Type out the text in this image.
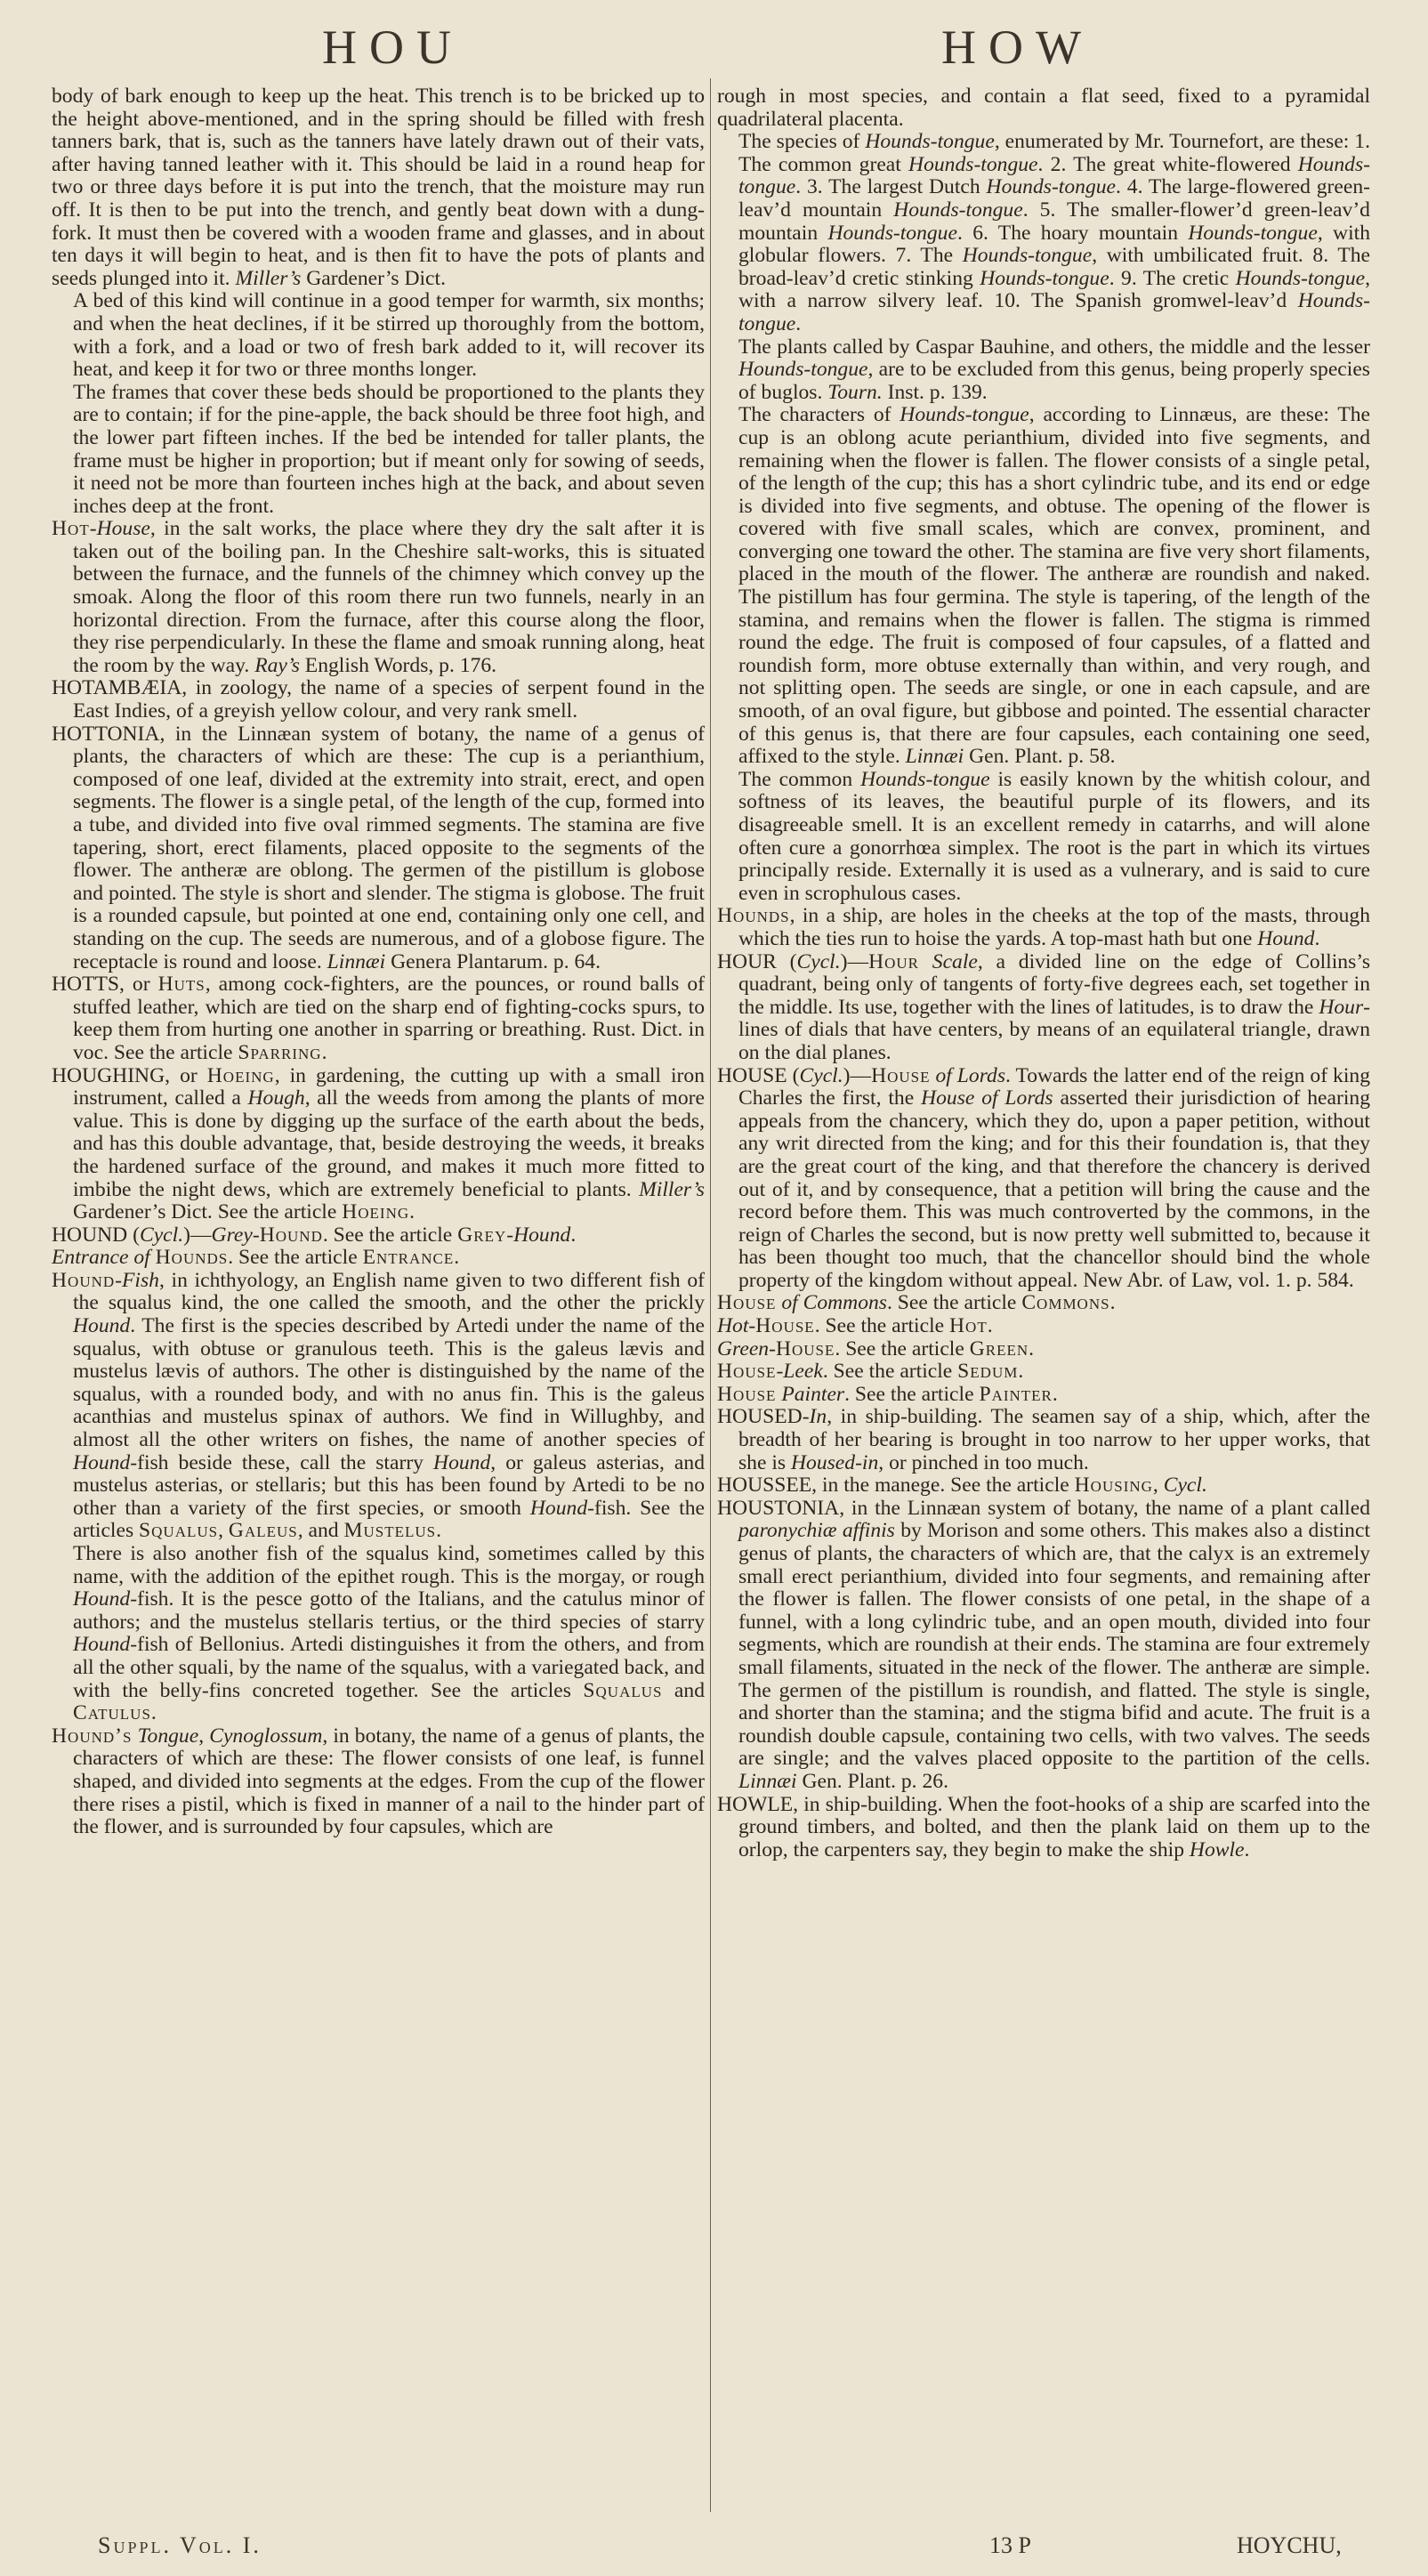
HOU	HOW

body of bark enough to keep up the heat. This trench is to be bricked up to the height above-mentioned, and in the spring should be filled with fresh tanners bark, that is, such as the tanners have lately drawn out of their vats, after having tanned leather with it. This should be laid in a round heap for two or three days before it is put into the trench, that the moisture may run off. It is then to be put into the trench, and gently beat down with a dung-fork. It must then be covered with a wooden frame and glasses, and in about ten days it will begin to heat, and is then fit to have the pots of plants and seeds plunged into it. Miller’s Gardener’s Dict.

A bed of this kind will continue in a good temper for warmth, six months; and when the heat declines, if it be stirred up thoroughly from the bottom, with a fork, and a load or two of fresh bark added to it, will recover its heat, and keep it for two or three months longer.

The frames that cover these beds should be proportioned to the plants they are to contain; if for the pine-apple, the back should be three foot high, and the lower part fifteen inches. If the bed be intended for taller plants, the frame must be higher in proportion; but if meant only for sowing of seeds, it need not be more than fourteen inches high at the back, and about seven inches deep at the front.

Hot-House, in the salt works, the place where they dry the salt after it is taken out of the boiling pan. In the Cheshire salt-works, this is situated between the furnace, and the funnels of the chimney which convey up the smoak. Along the floor of this room there run two funnels, nearly in an horizontal direction. From the furnace, after this course along the floor, they rise perpendicularly. In these the flame and smoak running along, heat the room by the way. Ray’s English Words, p. 176.

HOTAMBÆIA, in zoology, the name of a species of serpent found in the East Indies, of a greyish yellow colour, and very rank smell.

HOTTONIA, in the Linnæan system of botany, the name of a genus of plants, the characters of which are these: The cup is a perianthium, composed of one leaf, divided at the extremity into strait, erect, and open segments. The flower is a single petal, of the length of the cup, formed into a tube, and divided into five oval rimmed segments. The stamina are five tapering, short, erect filaments, placed opposite to the segments of the flower. The antheræ are oblong. The germen of the pistillum is globose and pointed. The style is short and slender. The stigma is globose. The fruit is a rounded capsule, but pointed at one end, containing only one cell, and standing on the cup. The seeds are numerous, and of a globose figure. The receptacle is round and loose. Linnæi Genera Plantarum. p. 64.

HOTTS, or Huts, among cock-fighters, are the pounces, or round balls of stuffed leather, which are tied on the sharp end of fighting-cocks spurs, to keep them from hurting one another in sparring or breathing. Rust. Dict. in voc. See the article Sparring.

HOUGHING, or Hoeing, in gardening, the cutting up with a small iron instrument, called a Hough, all the weeds from among the plants of more value. This is done by digging up the surface of the earth about the beds, and has this double advantage, that, beside destroying the weeds, it breaks the hardened surface of the ground, and makes it much more fitted to imbibe the night dews, which are extremely beneficial to plants. Miller’s Gardener’s Dict. See the article Hoeing.

HOUND (Cycl.)—Grey-Hound. See the article Grey-Hound.

Entrance of Hounds. See the article Entrance.

Hound-Fish, in ichthyology, an English name given to two different fish of the squalus kind, the one called the smooth, and the other the prickly Hound. The first is the species described by Artedi under the name of the squalus, with obtuse or granulous teeth. This is the galeus lævis and mustelus lævis of authors. The other is distinguished by the name of the squalus, with a rounded body, and with no anus fin. This is the galeus acanthias and mustelus spinax of authors. We find in Willughby, and almost all the other writers on fishes, the name of another species of Hound-fish beside these, call the starry Hound, or galeus asterias, and mustelus asterias, or stellaris; but this has been found by Artedi to be no other than a variety of the first species, or smooth Hound-fish. See the articles Squalus, Galeus, and Mustelus.

There is also another fish of the squalus kind, sometimes called by this name, with the addition of the epithet rough. This is the morgay, or rough Hound-fish. It is the pesce gotto of the Italians, and the catulus minor of authors; and the mustelus stellaris tertius, or the third species of starry Hound-fish of Bellonius. Artedi distinguishes it from the others, and from all the other squali, by the name of the squalus, with a variegated back, and with the belly-fins concreted together. See the articles Squalus and Catulus.

Hound’s Tongue, Cynoglossum, in botany, the name of a genus of plants, the characters of which are these: The flower consists of one leaf, is funnel shaped, and divided into segments at the edges. From the cup of the flower there rises a pistil, which is fixed in manner of a nail to the hinder part of the flower, and is surrounded by four capsules, which are

rough in most species, and contain a flat seed, fixed to a pyramidal quadrilateral placenta.

The species of Hounds-tongue, enumerated by Mr. Tournefort, are these: 1. The common great Hounds-tongue. 2. The great white-flowered Hounds-tongue. 3. The largest Dutch Hounds-tongue. 4. The large-flowered green-leav’d mountain Hounds-tongue. 5. The smaller-flower’d green-leav’d mountain Hounds-tongue. 6. The hoary mountain Hounds-tongue, with globular flowers. 7. The Hounds-tongue, with umbilicated fruit. 8. The broad-leav’d cretic stinking Hounds-tongue. 9. The cretic Hounds-tongue, with a narrow silvery leaf. 10. The Spanish gromwel-leav’d Hounds-tongue.

The plants called by Caspar Bauhine, and others, the middle and the lesser Hounds-tongue, are to be excluded from this genus, being properly species of buglos. Tourn. Inst. p. 139.

The characters of Hounds-tongue, according to Linnæus, are these: The cup is an oblong acute perianthium, divided into five segments, and remaining when the flower is fallen. The flower consists of a single petal, of the length of the cup; this has a short cylindric tube, and its end or edge is divided into five segments, and obtuse. The opening of the flower is covered with five small scales, which are convex, prominent, and converging one toward the other. The stamina are five very short filaments, placed in the mouth of the flower. The antheræ are roundish and naked. The pistillum has four germina. The style is tapering, of the length of the stamina, and remains when the flower is fallen. The stigma is rimmed round the edge. The fruit is composed of four capsules, of a flatted and roundish form, more obtuse externally than within, and very rough, and not splitting open. The seeds are single, or one in each capsule, and are smooth, of an oval figure, but gibbose and pointed. The essential character of this genus is, that there are four capsules, each containing one seed, affixed to the style. Linnæi Gen. Plant. p. 58.

The common Hounds-tongue is easily known by the whitish colour, and softness of its leaves, the beautiful purple of its flowers, and its disagreeable smell. It is an excellent remedy in catarrhs, and will alone often cure a gonorrhœa simplex. The root is the part in which its virtues principally reside. Externally it is used as a vulnerary, and is said to cure even in scrophulous cases.

Hounds, in a ship, are holes in the cheeks at the top of the masts, through which the ties run to hoise the yards. A top-mast hath but one Hound.

HOUR (Cycl.)—Hour Scale, a divided line on the edge of Collins’s quadrant, being only of tangents of forty-five degrees each, set together in the middle. Its use, together with the lines of latitudes, is to draw the Hour-lines of dials that have centers, by means of an equilateral triangle, drawn on the dial planes.

HOUSE (Cycl.)—House of Lords. Towards the latter end of the reign of king Charles the first, the House of Lords asserted their jurisdiction of hearing appeals from the chancery, which they do, upon a paper petition, without any writ directed from the king; and for this their foundation is, that they are the great court of the king, and that therefore the chancery is derived out of it, and by consequence, that a petition will bring the cause and the record before them. This was much controverted by the commons, in the reign of Charles the second, but is now pretty well submitted to, because it has been thought too much, that the chancellor should bind the whole property of the kingdom without appeal. New Abr. of Law, vol. 1. p. 584.

House of Commons. See the article Commons.

Hot-House. See the article Hot.

Green-House. See the article Green.

House-Leek. See the article Sedum.

House Painter. See the article Painter.

HOUSED-In, in ship-building. The seamen say of a ship, which, after the breadth of her bearing is brought in too narrow to her upper works, that she is Housed-in, or pinched in too much.

HOUSSEE, in the manege. See the article Housing, Cycl.

HOUSTONIA, in the Linnæan system of botany, the name of a plant called paronychiæ affinis by Morison and some others. This makes also a distinct genus of plants, the characters of which are, that the calyx is an extremely small erect perianthium, divided into four segments, and remaining after the flower is fallen. The flower consists of one petal, in the shape of a funnel, with a long cylindric tube, and an open mouth, divided into four segments, which are roundish at their ends. The stamina are four extremely small filaments, situated in the neck of the flower. The antheræ are simple. The germen of the pistillum is roundish, and flatted. The style is single, and shorter than the stamina; and the stigma bifid and acute. The fruit is a roundish double capsule, containing two cells, with two valves. The seeds are single; and the valves placed opposite to the partition of the cells. Linnæi Gen. Plant. p. 26.

HOWLE, in ship-building. When the foot-hooks of a ship are scarfed into the ground timbers, and bolted, and then the plank laid on them up to the orlop, the carpenters say, they begin to make the ship Howle.

Suppl. Vol. I.	13 P	HOYCHU,
